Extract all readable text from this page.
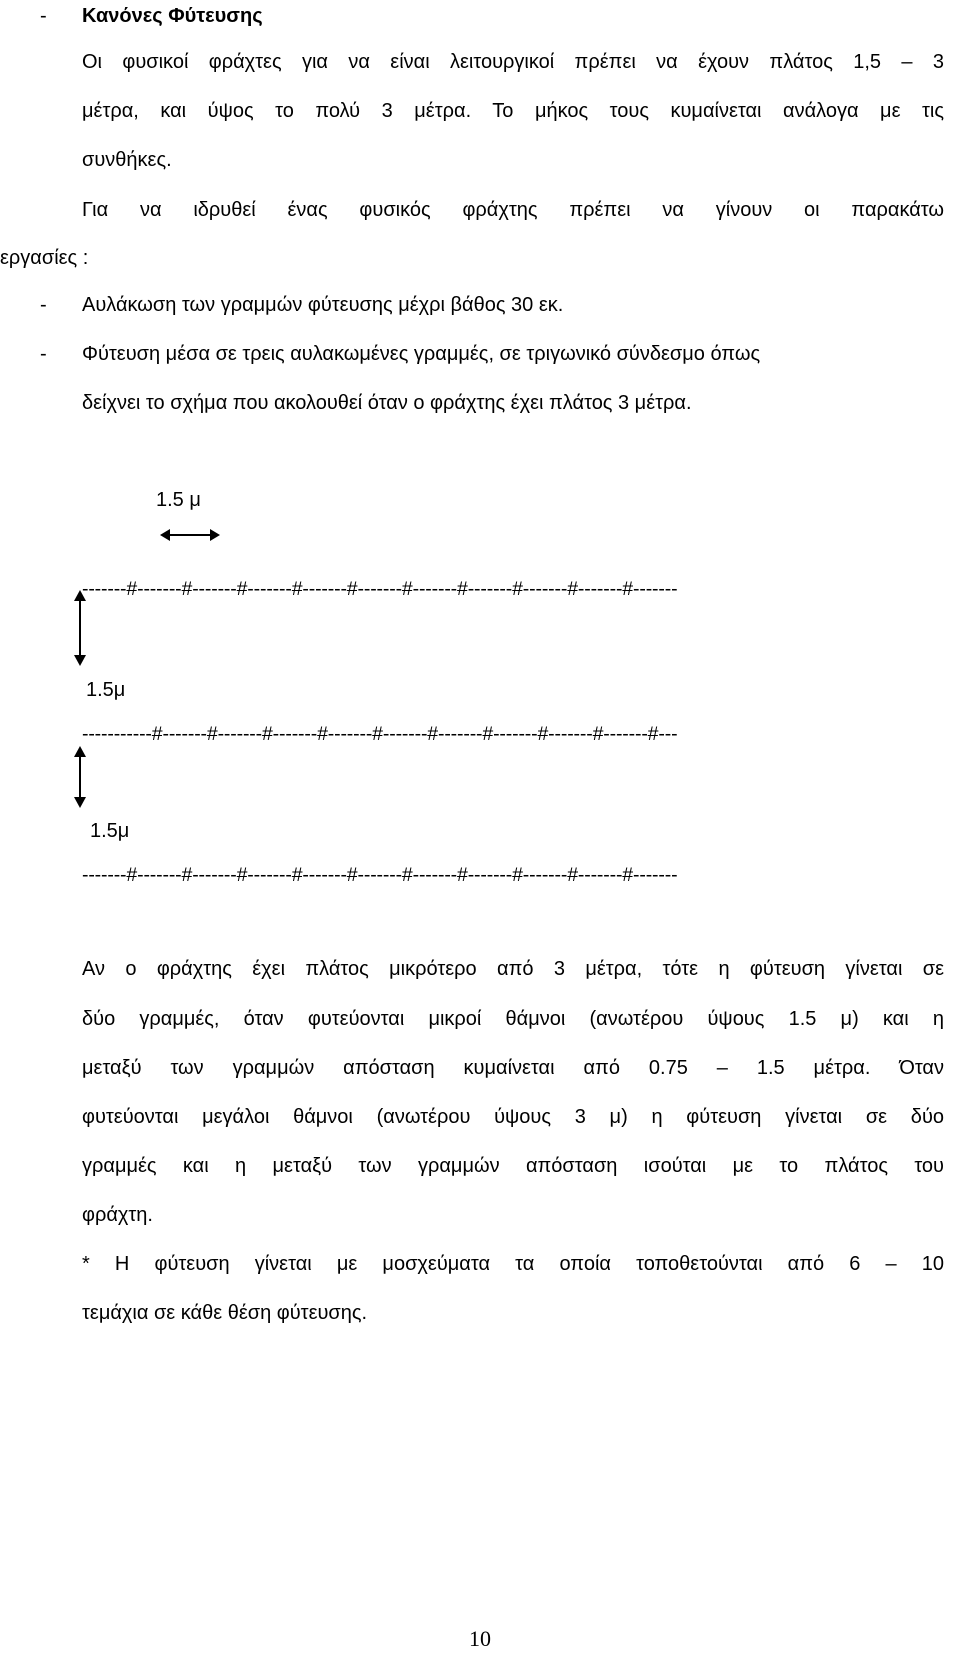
- Κανόνες Φύτευσης
Οι φυσικοί φράχτες για να είναι λειτουργικοί πρέπει να έχουν πλάτος 1,5 – 3
μέτρα, και ύψος το πολύ 3 μέτρα. Το μήκος τους κυμαίνεται ανάλογα με τις
συνθήκες.
Για να ιδρυθεί ένας φυσικός φράχτης πρέπει να γίνουν οι παρακάτω
εργασίες :
- Αυλάκωση των γραμμών φύτευσης μέχρι βάθος 30 εκ.
- Φύτευση μέσα σε τρεις αυλακωμένες γραμμές, σε τριγωνικό σύνδεσμο όπως
δείχνει το σχήμα που ακολουθεί όταν ο φράχτης έχει πλάτος 3 μέτρα.
1.5 μ
-------#-------#-------#-------#-------#-------#-------#-------#-------#-------#-------
1.5μ
-----------#-------#-------#-------#-------#-------#-------#-------#-------#-------#---
1.5μ
-------#-------#-------#-------#-------#-------#-------#-------#-------#-------#-------
Αν ο φράχτης έχει πλάτος μικρότερο από 3 μέτρα, τότε η φύτευση γίνεται σε
δύο γραμμές, όταν φυτεύονται μικροί θάμνοι (ανωτέρου ύψους 1.5 μ) και η
μεταξύ των γραμμών απόσταση κυμαίνεται από 0.75 – 1.5 μέτρα. Όταν
φυτεύονται μεγάλοι θάμνοι (ανωτέρου ύψους 3 μ) η φύτευση γίνεται σε δύο
γραμμές και η μεταξύ των γραμμών απόσταση ισούται με το πλάτος του
φράχτη.
* Η φύτευση γίνεται με μοσχεύματα τα οποία τοποθετούνται από 6 – 10
τεμάχια σε κάθε θέση φύτευσης.
10
